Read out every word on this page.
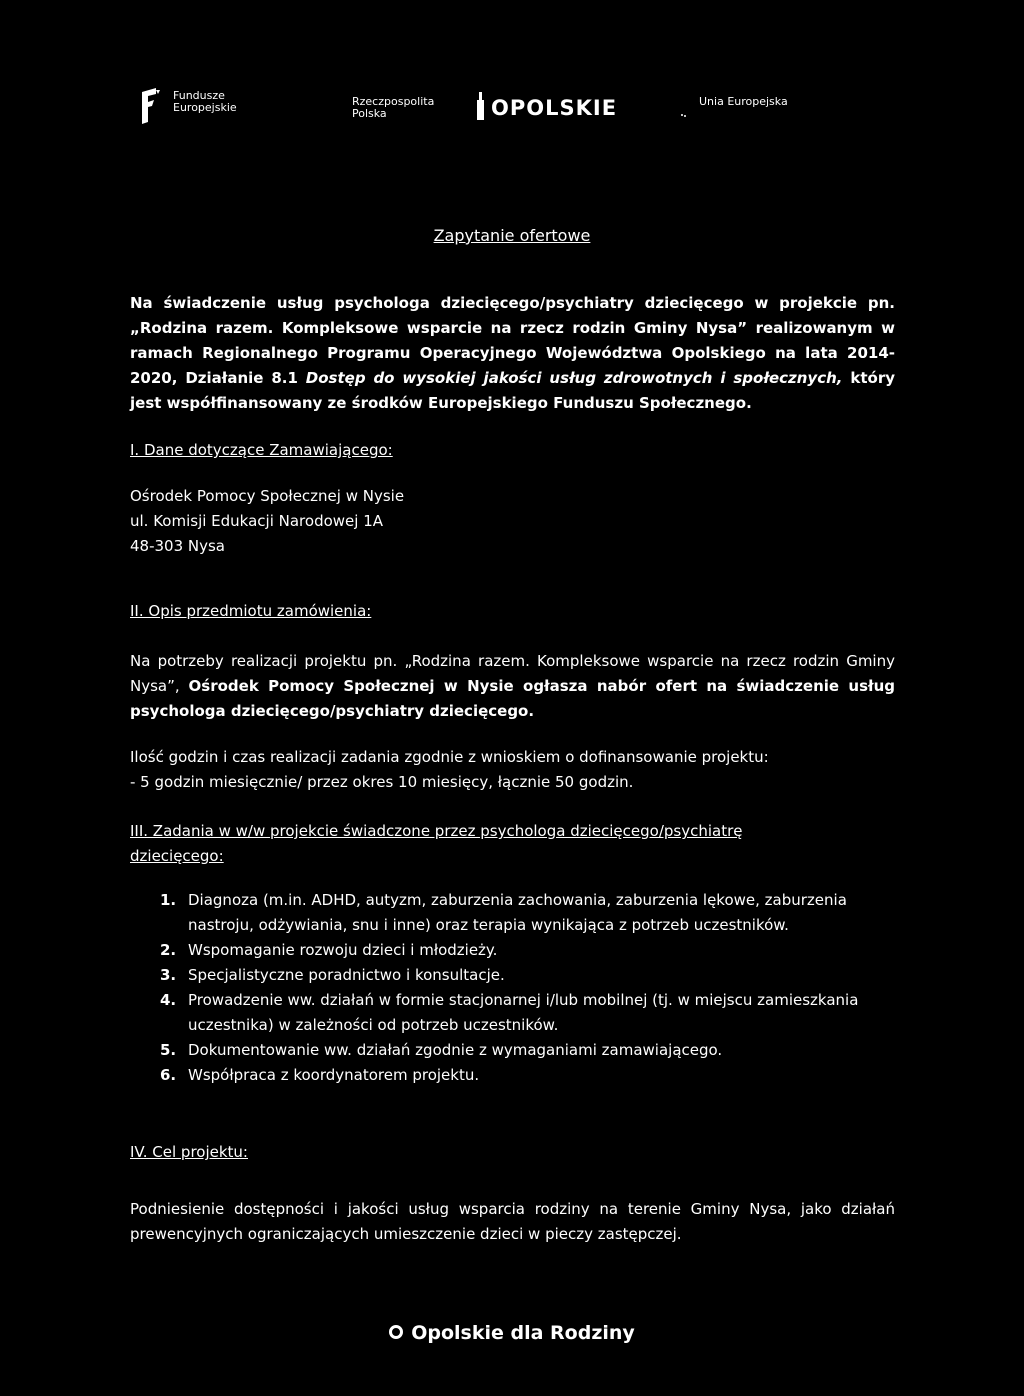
Fundusze
Europejskie	Rzeczpospolita
Polska	OPOLSKIE	Unia Europejska
Zapytanie ofertowe
Na świadczenie usług psychologa dziecięcego/psychiatry dziecięcego w projekcie pn. „Rodzina razem. Kompleksowe wsparcie na rzecz rodzin Gminy Nysa” realizowanym w ramach Regionalnego Programu Operacyjnego Województwa Opolskiego na lata 2014-2020, Działanie 8.1 Dostęp do wysokiej jakości usług zdrowotnych i społecznych, który jest współfinansowany ze środków Europejskiego Funduszu Społecznego.
I. Dane dotyczące Zamawiającego:
Ośrodek Pomocy Społecznej w Nysie
ul. Komisji Edukacji Narodowej 1A
48-303 Nysa
II. Opis przedmiotu zamówienia:
Na potrzeby realizacji projektu pn. „Rodzina razem. Kompleksowe wsparcie na rzecz rodzin Gminy Nysa”, Ośrodek Pomocy Społecznej w Nysie ogłasza nabór ofert na świadczenie usług psychologa dziecięcego/psychiatry dziecięcego.
Ilość godzin i czas realizacji zadania zgodnie z wnioskiem o dofinansowanie projektu:
- 5 godzin miesięcznie/ przez okres 10 miesięcy, łącznie 50 godzin.
III. Zadania w w/w projekcie świadczone przez psychologa dziecięcego/psychiatrę dziecięcego:
1. Diagnoza (m.in. ADHD, autyzm, zaburzenia zachowania, zaburzenia lękowe, zaburzenia nastroju, odżywiania, snu i inne) oraz terapia wynikająca z potrzeb uczestników.
2. Wspomaganie rozwoju dzieci i młodzieży.
3. Specjalistyczne poradnictwo i konsultacje.
4. Prowadzenie ww. działań w formie stacjonarnej i/lub mobilnej (tj. w miejscu zamieszkania uczestnika) w zależności od potrzeb uczestników.
5. Dokumentowanie ww. działań zgodnie z wymaganiami zamawiającego.
6. Współpraca z koordynatorem projektu.
IV. Cel projektu:
Podniesienie dostępności i jakości usług wsparcia rodziny na terenie Gminy Nysa, jako działań prewencyjnych ograniczających umieszczenie dzieci w pieczy zastępczej.
Opolskie dla Rodziny
